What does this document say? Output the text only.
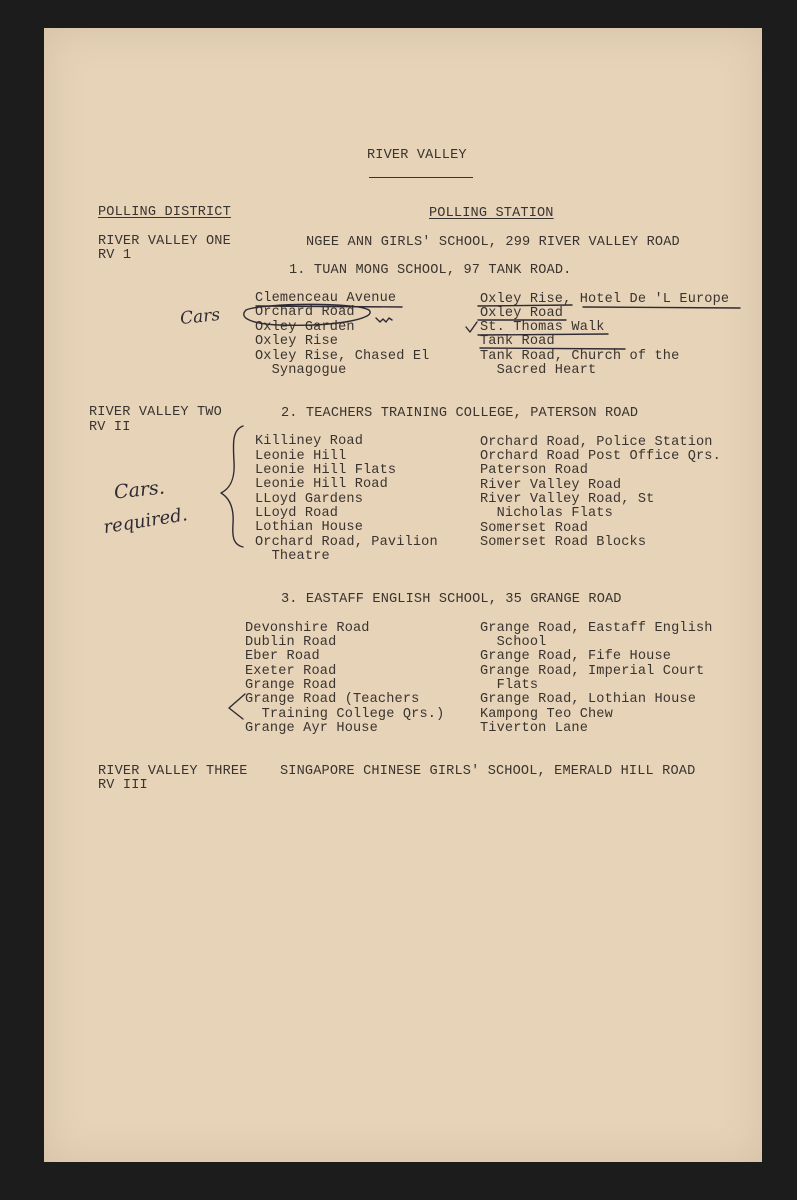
RIVER VALLEY
POLLING DISTRICT	POLLING STATION
RIVER VALLEY ONE
RV 1
NGEE ANN GIRLS' SCHOOL, 299 RIVER VALLEY ROAD
1. TUAN MONG SCHOOL, 97 TANK ROAD.
Clemenceau Avenue
Orchard Road
Oxley Garden
Oxley Rise
Oxley Rise, Chased El
Synagogue
Oxley Rise, Hotel De 'L Europe
Oxley Road
St. Thomas Walk
Tank Road
Tank Road, Church of the
Sacred Heart
RIVER VALLEY TWO
RV II
2. TEACHERS TRAINING COLLEGE, PATERSON ROAD
Killiney Road
Leonie Hill
Leonie Hill Flats
Leonie Hill Road
LLoyd Gardens
LLoyd Road
Lothian House
Orchard Road, Pavilion
Theatre
Orchard Road, Police Station
Orchard Road Post Office Qrs.
Paterson Road
River Valley Road
River Valley Road, St
Nicholas Flats
Somerset Road
Somerset Road Blocks
3. EASTAFF ENGLISH SCHOOL, 35 GRANGE ROAD
Devonshire Road
Dublin Road
Eber Road
Exeter Road
Grange Road
Grange Road (Teachers
Training College Qrs.)
Grange Ayr House
Grange Road, Eastaff English
School
Grange Road, Fife House
Grange Road, Imperial Court
Flats
Grange Road, Lothian House
Kampong Teo Chew
Tiverton Lane
RIVER VALLEY THREE
RV III
SINGAPORE CHINESE GIRLS' SCHOOL, EMERALD HILL ROAD
Cars
Cars.
required.
